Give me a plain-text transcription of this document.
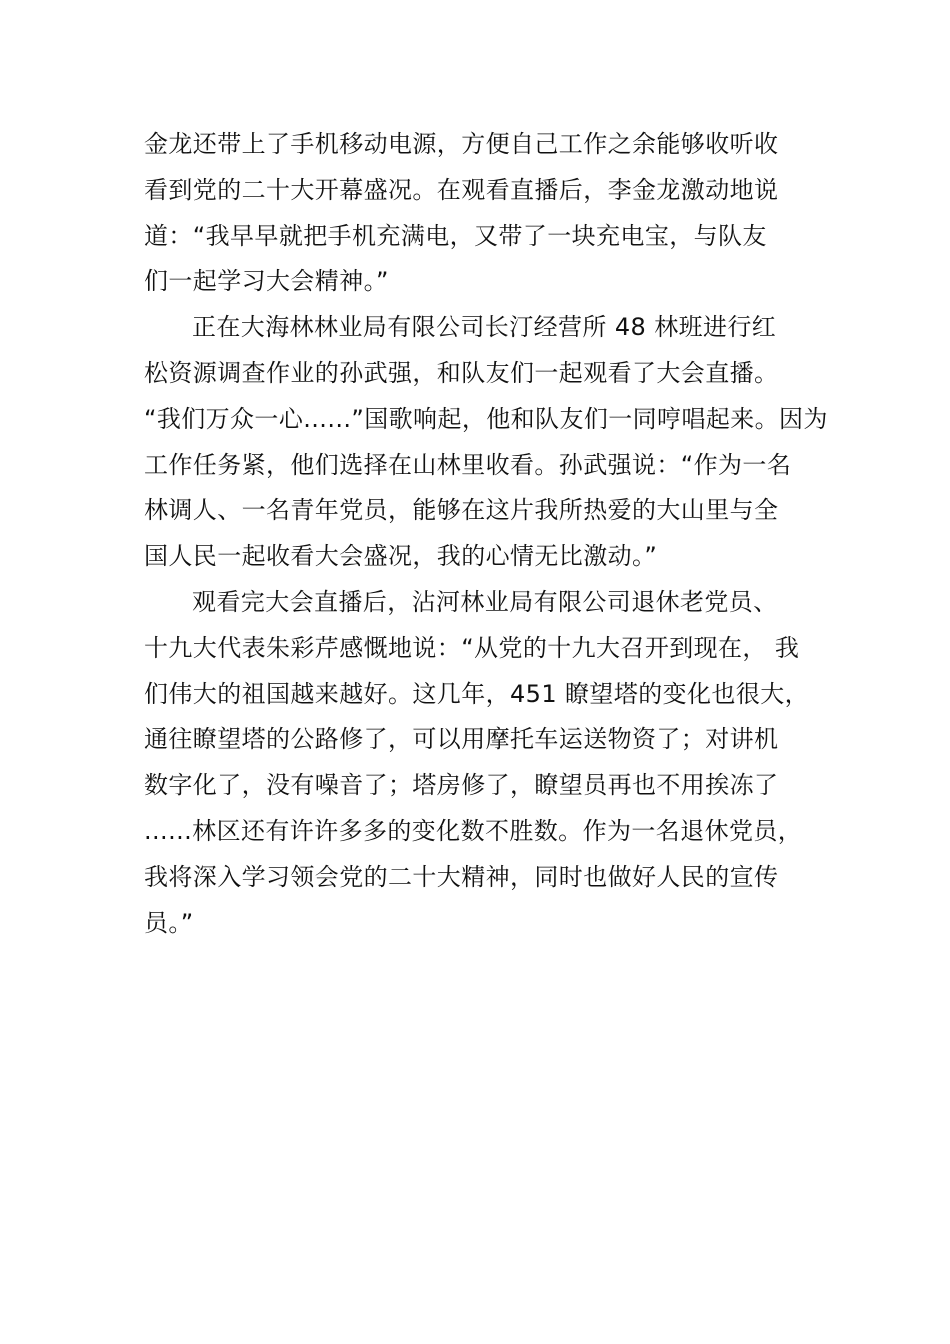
金龙还带上了手机移动电源，方便自己工作之余能够收听收
看到党的二十大开幕盛况。在观看直播后，李金龙激动地说
道：“我早早就把手机充满电，又带了一块充电宝，与队友
们一起学习大会精神。”
正在大海林林业局有限公司长汀经营所 48 林班进行红
松资源调查作业的孙武强，和队友们一起观看了大会直播。
“我们万众一心......”国歌响起，他和队友们一同哼唱起来。因为
工作任务紧，他们选择在山林里收看。孙武强说：“作为一名
林调人、一名青年党员，能够在这片我所热爱的大山里与全
国人民一起收看大会盛况，我的心情无比激动。”
观看完大会直播后，沾河林业局有限公司退休老党员、
十九大代表朱彩芹感慨地说：“从党的十九大召开到现在， 我
们伟大的祖国越来越好。这几年，451 瞭望塔的变化也很大，
通往瞭望塔的公路修了，可以用摩托车运送物资了；对讲机
数字化了，没有噪音了；塔房修了，瞭望员再也不用挨冻了
......林区还有许许多多的变化数不胜数。作为一名退休党员，
我将深入学习领会党的二十大精神，同时也做好人民的宣传
员。”
